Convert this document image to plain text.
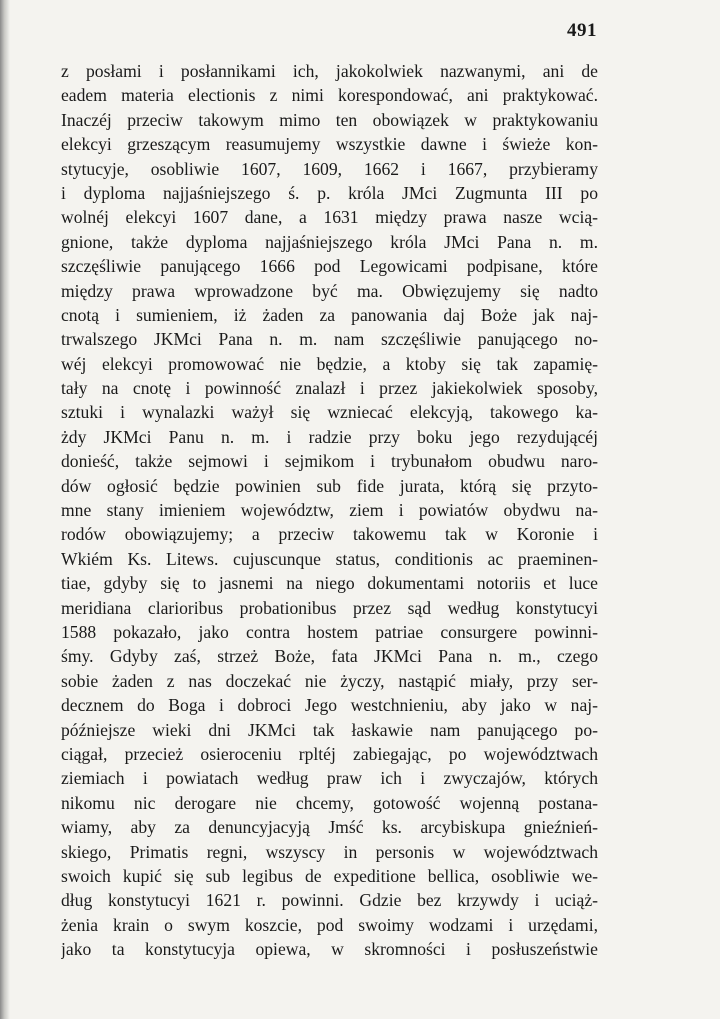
491
z posłami i posłannikami ich, jakokolwiek nazwanymi, ani de
eadem materia electionis z nimi korespondować, ani praktykować.
Inaczéj przeciw takowym mimo ten obowiązek w praktykowaniu
elekcyi grzeszącym reasumujemy wszystkie dawne i świeże kon-
stytucyje, osobliwie 1607, 1609, 1662 i 1667, przybieramy
i dyploma najjaśniejszego ś. p. króla JMci Zugmunta III po
wolnéj elekcyi 1607 dane, a 1631 między prawa nasze wcią-
gnione, także dyploma najjaśniejszego króla JMci Pana n. m.
szczęśliwie panującego 1666 pod Legowicami podpisane, które
między prawa wprowadzone być ma. Obwięzujemy się nadto
cnotą i sumieniem, iż żaden za panowania daj Boże jak naj-
trwalszego JKMci Pana n. m. nam szczęśliwie panującego no-
wéj elekcyi promowować nie będzie, a ktoby się tak zapamię-
tały na cnotę i powinność znalazł i przez jakiekolwiek sposoby,
sztuki i wynalazki ważył się wzniecać elekcyją, takowego ka-
żdy JKMci Panu n. m. i radzie przy boku jego rezydującéj
donieść, także sejmowi i sejmikom i trybunałom obudwu naro-
dów ogłosić będzie powinien sub fide jurata, którą się przyto-
mne stany imieniem województw, ziem i powiatów obydwu na-
rodów obowiązujemy; a przeciw takowemu tak w Koronie i
Wkiém Ks. Litews. cujuscunque status, conditionis ac praeminen-
tiae, gdyby się to jasnemi na niego dokumentami notoriis et luce
meridiana clarioribus probationibus przez sąd według konstytucyi
1588 pokazało, jako contra hostem patriae consurgere powinni-
śmy. Gdyby zaś, strzeż Boże, fata JKMci Pana n. m., czego
sobie żaden z nas doczekać nie życzy, nastąpić miały, przy ser-
decznem do Boga i dobroci Jego westchnieniu, aby jako w naj-
późniejsze wieki dni JKMci tak łaskawie nam panującego po-
ciągał, przecież osieroceniu rpltéj zabiegając, po województwach
ziemiach i powiatach według praw ich i zwyczajów, których
nikomu nic derogare nie chcemy, gotowość wojenną postana-
wiamy, aby za denuncyjacyją Jmść ks. arcybiskupa gnieźnień-
skiego, Primatis regni, wszyscy in personis w województwach
swoich kupić się sub legibus de expeditione bellica, osobliwie we-
dług konstytucyi 1621 r. powinni. Gdzie bez krzywdy i uciąż-
żenia krain o swym koszcie, pod swoimy wodzami i urzędami,
jako ta konstytucyja opiewa, w skromności i posłuszeństwie
